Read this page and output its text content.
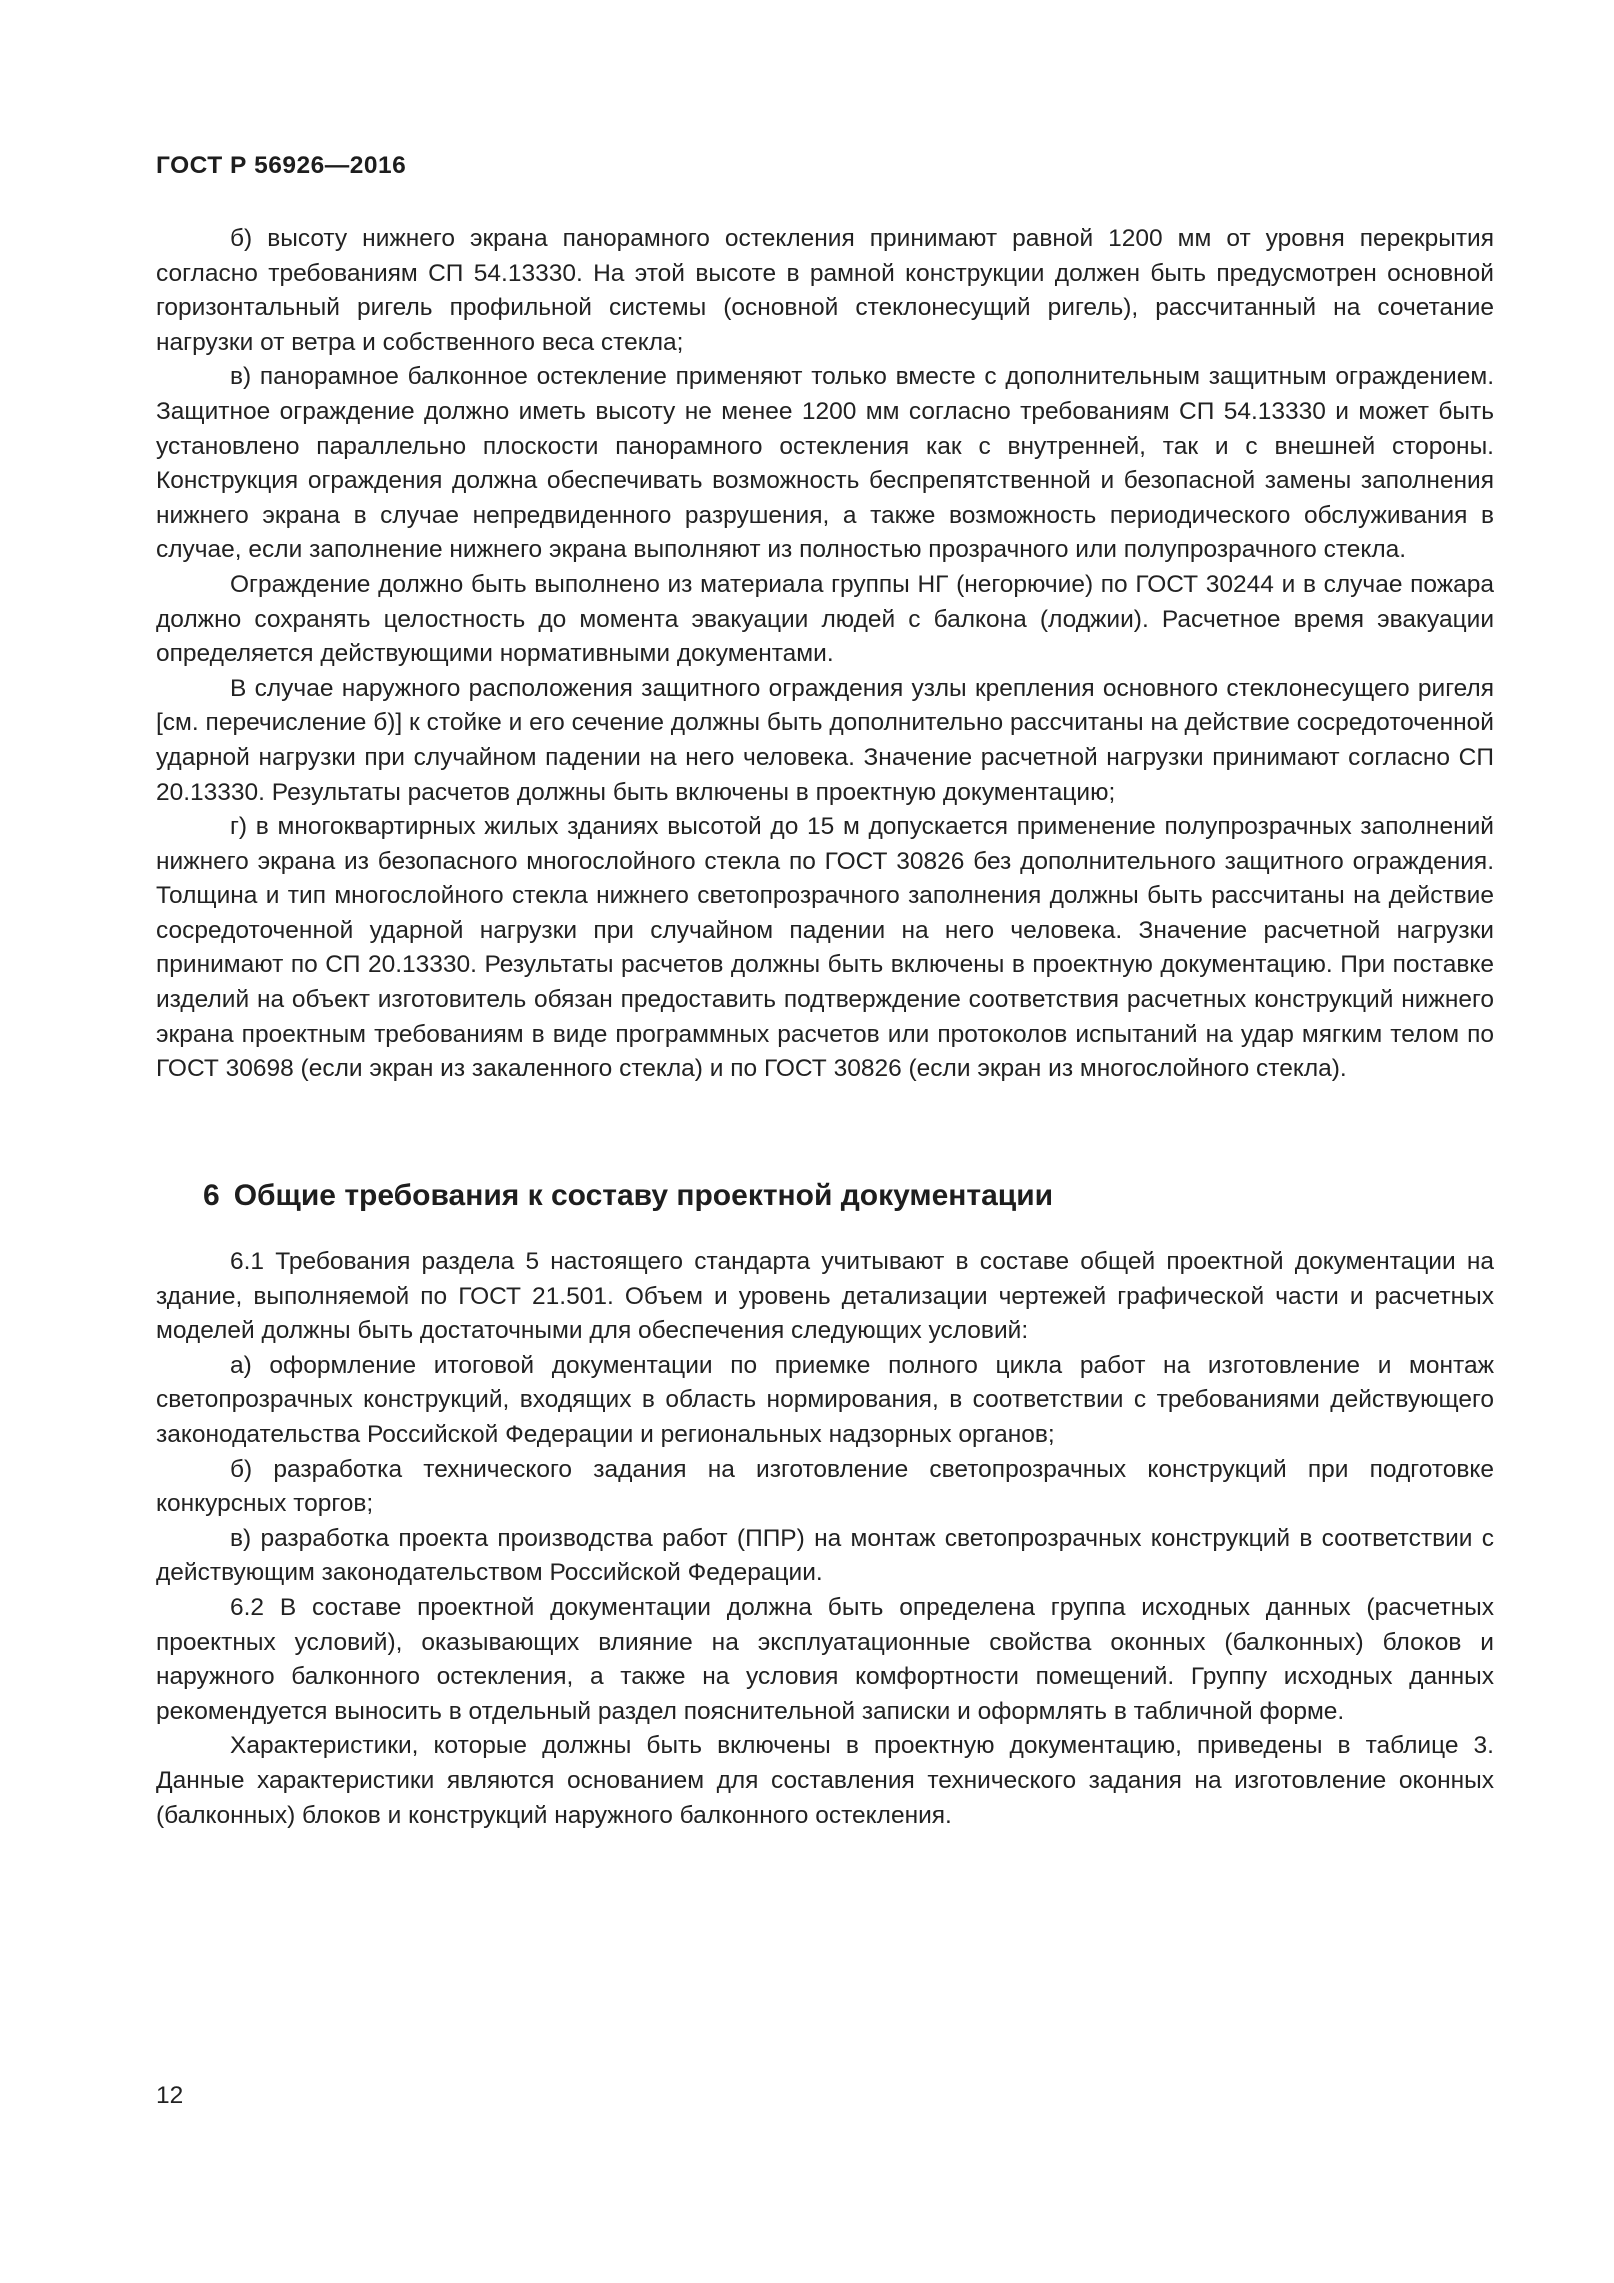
ГОСТ Р 56926—2016

б) высоту нижнего экрана панорамного остекления принимают равной 1200 мм от уровня перекрытия согласно требованиям СП 54.13330. На этой высоте в рамной конструкции должен быть предусмотрен основной горизонтальный ригель профильной системы (основной стеклонесущий ригель), рассчитанный на сочетание нагрузки от ветра и собственного веса стекла;

в) панорамное балконное остекление применяют только вместе с дополнительным защитным ограждением. Защитное ограждение должно иметь высоту не менее 1200 мм согласно требованиям СП 54.13330 и может быть установлено параллельно плоскости панорамного остекления как с внутренней, так и с внешней стороны. Конструкция ограждения должна обеспечивать возможность беспрепятственной и безопасной замены заполнения нижнего экрана в случае непредвиденного разрушения, а также возможность периодического обслуживания в случае, если заполнение нижнего экрана выполняют из полностью прозрачного или полупрозрачного стекла.

Ограждение должно быть выполнено из материала группы НГ (негорючие) по ГОСТ 30244 и в случае пожара должно сохранять целостность до момента эвакуации людей с балкона (лоджии). Расчетное время эвакуации определяется действующими нормативными документами.

В случае наружного расположения защитного ограждения узлы крепления основного стеклонесущего ригеля [см. перечисление б)] к стойке и его сечение должны быть дополнительно рассчитаны на действие сосредоточенной ударной нагрузки при случайном падении на него человека. Значение расчетной нагрузки принимают согласно СП 20.13330. Результаты расчетов должны быть включены в проектную документацию;

г) в многоквартирных жилых зданиях высотой до 15 м допускается применение полупрозрачных заполнений нижнего экрана из безопасного многослойного стекла по ГОСТ 30826 без дополнительного защитного ограждения. Толщина и тип многослойного стекла нижнего светопрозрачного заполнения должны быть рассчитаны на действие сосредоточенной ударной нагрузки при случайном падении на него человека. Значение расчетной нагрузки принимают по СП 20.13330. Результаты расчетов должны быть включены в проектную документацию. При поставке изделий на объект изготовитель обязан предоставить подтверждение соответствия расчетных конструкций нижнего экрана проектным требованиям в виде программных расчетов или протоколов испытаний на удар мягким телом по ГОСТ 30698 (если экран из закаленного стекла) и по ГОСТ 30826 (если экран из многослойного стекла).

6 Общие требования к составу проектной документации

6.1 Требования раздела 5 настоящего стандарта учитывают в составе общей проектной документации на здание, выполняемой по ГОСТ 21.501. Объем и уровень детализации чертежей графической части и расчетных моделей должны быть достаточными для обеспечения следующих условий:

а) оформление итоговой документации по приемке полного цикла работ на изготовление и монтаж светопрозрачных конструкций, входящих в область нормирования, в соответствии с требованиями действующего законодательства Российской Федерации и региональных надзорных органов;

б) разработка технического задания на изготовление светопрозрачных конструкций при подготовке конкурсных торгов;

в) разработка проекта производства работ (ППР) на монтаж светопрозрачных конструкций в соответствии с действующим законодательством Российской Федерации.

6.2 В составе проектной документации должна быть определена группа исходных данных (расчетных проектных условий), оказывающих влияние на эксплуатационные свойства оконных (балконных) блоков и наружного балконного остекления, а также на условия комфортности помещений. Группу исходных данных рекомендуется выносить в отдельный раздел пояснительной записки и оформлять в табличной форме.

Характеристики, которые должны быть включены в проектную документацию, приведены в таблице 3. Данные характеристики являются основанием для составления технического задания на изготовление оконных (балконных) блоков и конструкций наружного балконного остекления.

12
